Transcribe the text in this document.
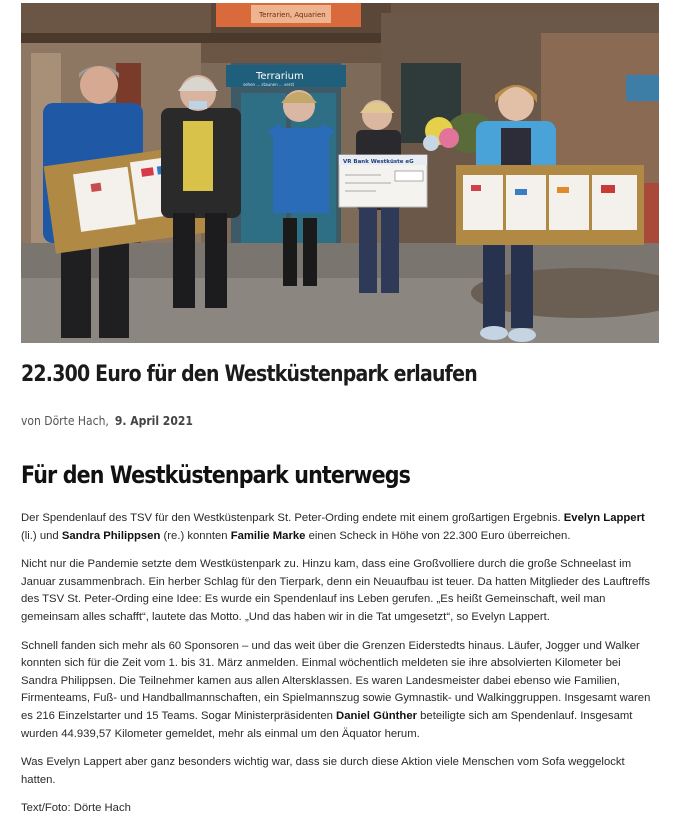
Terrarium
sehen ... staunen ... verst
Terrarien, Aquarien
VR Bank Westküste eG
22.300 Euro für den Westküstenpark erlaufen
von Dörte Hach, 9. April 2021
Für den Westküstenpark unterwegs

Der Spendenlauf des TSV für den Westküstenpark St. Peter-Ording endete mit einem großartigen Ergebnis. Evelyn Lappert (li.) und Sandra Philippsen (re.) konnten Familie Marke einen Scheck in Höhe von 22.300 Euro überreichen.

Nicht nur die Pandemie setzte dem Westküstenpark zu. Hinzu kam, dass eine Großvolliere durch die große Schneelast im Januar zusammenbrach. Ein herber Schlag für den Tierpark, denn ein Neuaufbau ist teuer. Da hatten Mitglieder des Lauftreffs des TSV St. Peter-Ording eine Idee: Es wurde ein Spendenlauf ins Leben gerufen. „Es heißt Gemeinschaft, weil man gemeinsam alles schafft“, lautete das Motto. „Und das haben wir in die Tat umgesetzt“, so Evelyn Lappert.

Schnell fanden sich mehr als 60 Sponsoren – und das weit über die Grenzen Eiderstedts hinaus. Läufer, Jogger und Walker konnten sich für die Zeit vom 1. bis 31. März anmelden. Einmal wöchentlich meldeten sie ihre absolvierten Kilometer bei Sandra Philippsen. Die Teilnehmer kamen aus allen Altersklassen. Es waren Landesmeister dabei ebenso wie Familien, Firmenteams, Fuß- und Handballmannschaften, ein Spielmannszug sowie Gymnastik- und Walkinggruppen. Insgesamt waren es 216 Einzelstarter und 15 Teams. Sogar Ministerpräsidenten Daniel Günther beteiligte sich am Spendenlauf. Insgesamt wurden 44.939,57 Kilometer gemeldet, mehr als einmal um den Äquator herum.

Was Evelyn Lappert aber ganz besonders wichtig war, dass sie durch diese Aktion viele Menschen vom Sofa weggelockt hatten.

Text/Foto: Dörte Hach
